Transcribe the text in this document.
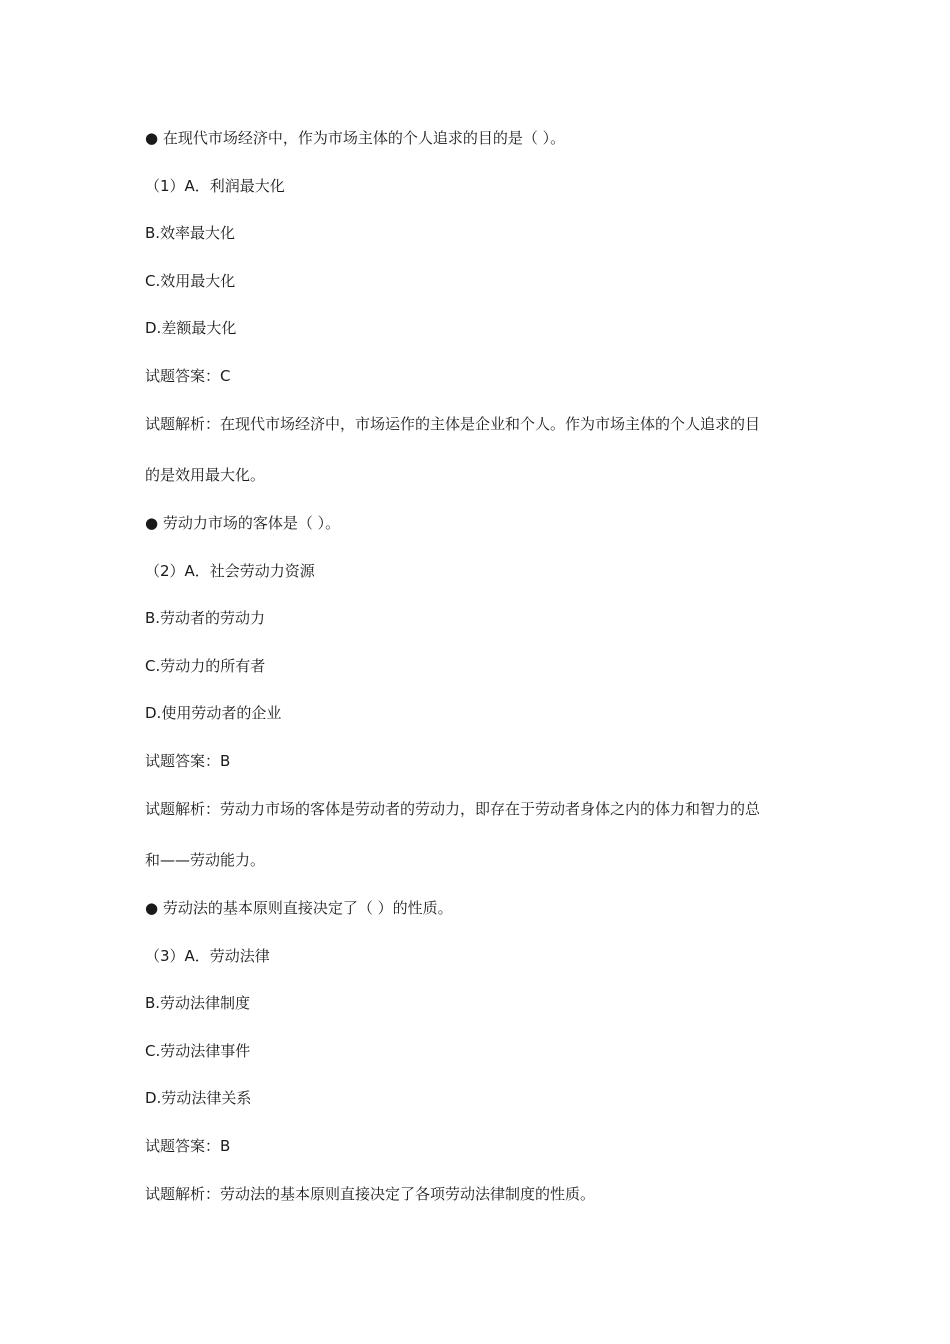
● 在现代市场经济中，作为市场主体的个人追求的目的是（ ）。
（1）A．利润最大化
B.效率最大化
C.效用最大化
D.差额最大化
试题答案：C
试题解析：在现代市场经济中，市场运作的主体是企业和个人。作为市场主体的个人追求的目
的是效用最大化。
● 劳动力市场的客体是（ ）。
（2）A．社会劳动力资源
B.劳动者的劳动力
C.劳动力的所有者
D.使用劳动者的企业
试题答案：B
试题解析：劳动力市场的客体是劳动者的劳动力，即存在于劳动者身体之内的体力和智力的总
和——劳动能力。
● 劳动法的基本原则直接决定了（ ）的性质。
（3）A．劳动法律
B.劳动法律制度
C.劳动法律事件
D.劳动法律关系
试题答案：B
试题解析：劳动法的基本原则直接决定了各项劳动法律制度的性质。
